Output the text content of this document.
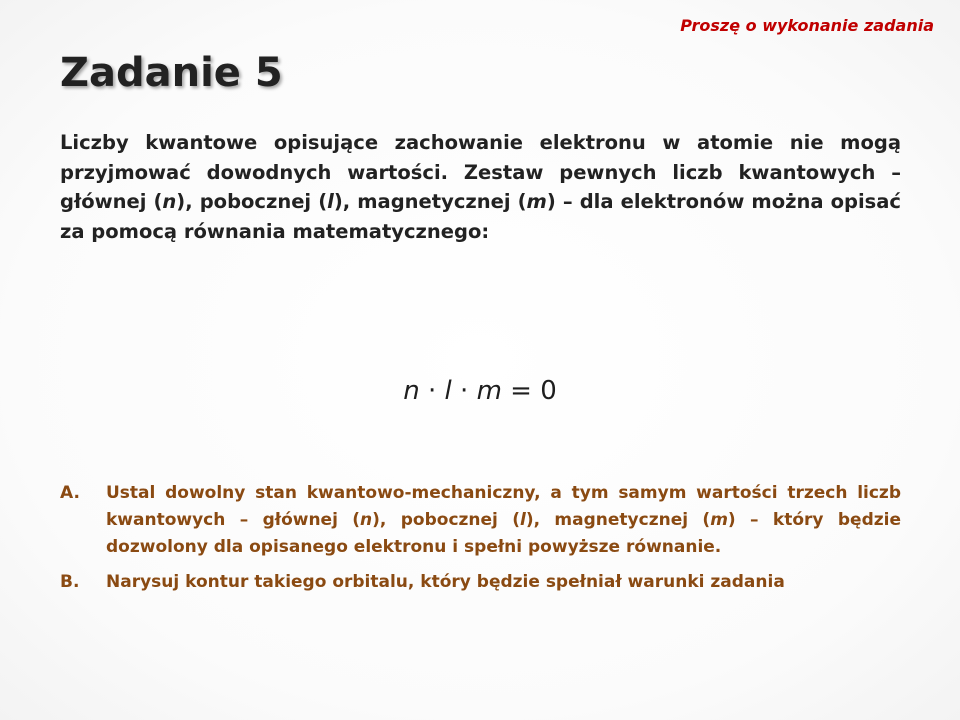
Proszę o wykonanie zadania
Zadanie 5

Liczby kwantowe opisujące zachowanie elektronu w atomie nie mogą przyjmować dowodnych wartości. Zestaw pewnych liczb kwantowych – głównej (n), pobocznej (l), magnetycznej (m) – dla elektronów można opisać za pomocą równania matematycznego:

n · l · m = 0
A.	Ustal dowolny stan kwantowo-mechaniczny, a tym samym wartości trzech liczb kwantowych – głównej (n), pobocznej (l), magnetycznej (m) – który będzie dozwolony dla opisanego elektronu i spełni powyższe równanie.
B.	Narysuj kontur takiego orbitalu, który będzie spełniał warunki zadania
